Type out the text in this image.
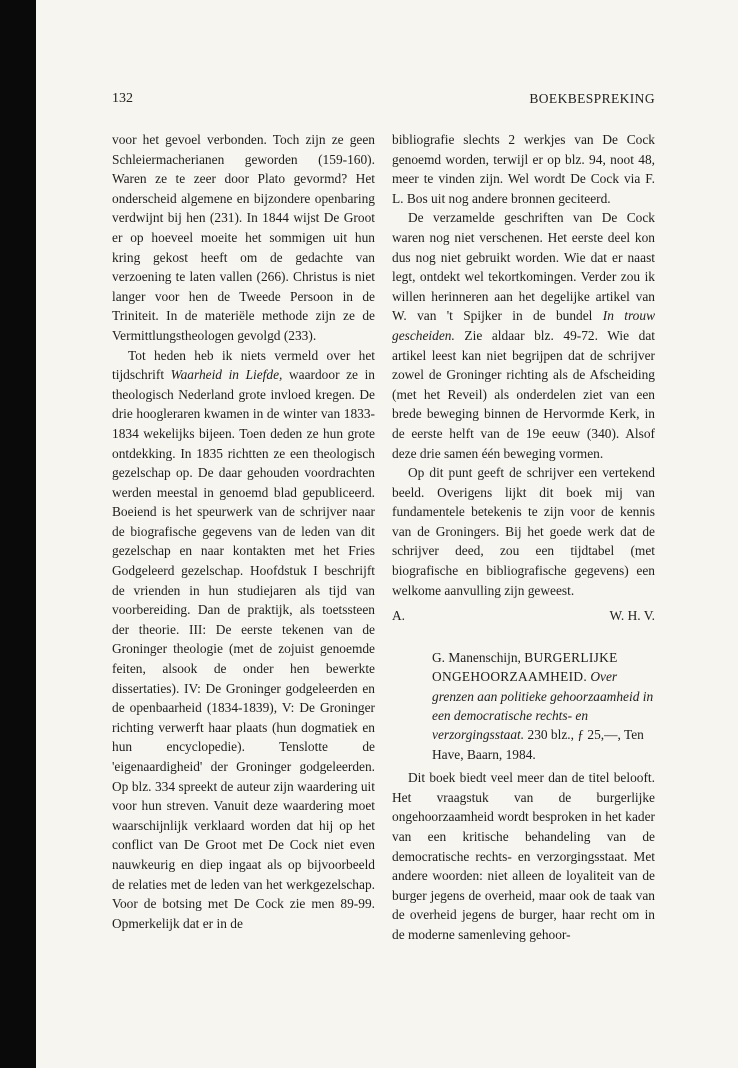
132	BOEKBESPREKING

voor het gevoel verbonden. Toch zijn ze geen Schleiermacherianen geworden (159-160). Waren ze te zeer door Plato gevormd? Het onderscheid algemene en bijzondere openbaring verdwijnt bij hen (231). In 1844 wijst De Groot er op hoeveel moeite het sommigen uit hun kring gekost heeft om de gedachte van verzoening te laten vallen (266). Christus is niet langer voor hen de Tweede Persoon in de Triniteit. In de materiële methode zijn ze de Vermittlungstheologen gevolgd (233).

Tot heden heb ik niets vermeld over het tijdschrift Waarheid in Liefde, waardoor ze in theologisch Nederland grote invloed kregen. De drie hoogleraren kwamen in de winter van 1833-1834 wekelijks bijeen. Toen deden ze hun grote ontdekking. In 1835 richtten ze een theologisch gezelschap op. De daar gehouden voordrachten werden meestal in genoemd blad gepubliceerd. Boeiend is het speurwerk van de schrijver naar de biografische gegevens van de leden van dit gezelschap en naar kontakten met het Fries Godgeleerd gezelschap. Hoofdstuk I beschrijft de vrienden in hun studiejaren als tijd van voorbereiding. Dan de praktijk, als toetssteen der theorie. III: De eerste tekenen van de Groninger theologie (met de zojuist genoemde feiten, alsook de onder hen bewerkte dissertaties). IV: De Groninger godgeleerden en de openbaarheid (1834-1839), V: De Groninger richting verwerft haar plaats (hun dogmatiek en hun encyclopedie). Tenslotte de 'eigenaardigheid' der Groninger godgeleerden. Op blz. 334 spreekt de auteur zijn waardering uit voor hun streven. Vanuit deze waardering moet waarschijnlijk verklaard worden dat hij op het conflict van De Groot met De Cock niet even nauwkeurig en diep ingaat als op bijvoorbeeld de relaties met de leden van het werkgezelschap. Voor de botsing met De Cock zie men 89-99. Opmerkelijk dat er in de

bibliografie slechts 2 werkjes van De Cock genoemd worden, terwijl er op blz. 94, noot 48, meer te vinden zijn. Wel wordt De Cock via F. L. Bos uit nog andere bronnen geciteerd.

De verzamelde geschriften van De Cock waren nog niet verschenen. Het eerste deel kon dus nog niet gebruikt worden. Wie dat er naast legt, ontdekt wel tekortkomingen. Verder zou ik willen herinneren aan het degelijke artikel van W. van 't Spijker in de bundel In trouw gescheiden. Zie aldaar blz. 49-72. Wie dat artikel leest kan niet begrijpen dat de schrijver zowel de Groninger richting als de Afscheiding (met het Reveil) als onderdelen ziet van een brede beweging binnen de Hervormde Kerk, in de eerste helft van de 19e eeuw (340). Alsof deze drie samen één beweging vormen.

Op dit punt geeft de schrijver een vertekend beeld. Overigens lijkt dit boek mij van fundamentele betekenis te zijn voor de kennis van de Groningers. Bij het goede werk dat de schrijver deed, zou een tijdtabel (met biografische en bibliografische gegevens) een welkome aanvulling zijn geweest.

A.	W. H. V.
G. Manenschijn, BURGERLIJKE ONGEHOORZAAMHEID. Over grenzen aan politieke gehoorzaamheid in een democratische rechts- en verzorgingsstaat. 230 blz., ƒ 25,—, Ten Have, Baarn, 1984.

Dit boek biedt veel meer dan de titel belooft. Het vraagstuk van de burgerlijke ongehoorzaamheid wordt besproken in het kader van een kritische behandeling van de democratische rechts- en verzorgingsstaat. Met andere woorden: niet alleen de loyaliteit van de burger jegens de overheid, maar ook de taak van de overheid jegens de burger, haar recht om in de moderne samenleving gehoor-
